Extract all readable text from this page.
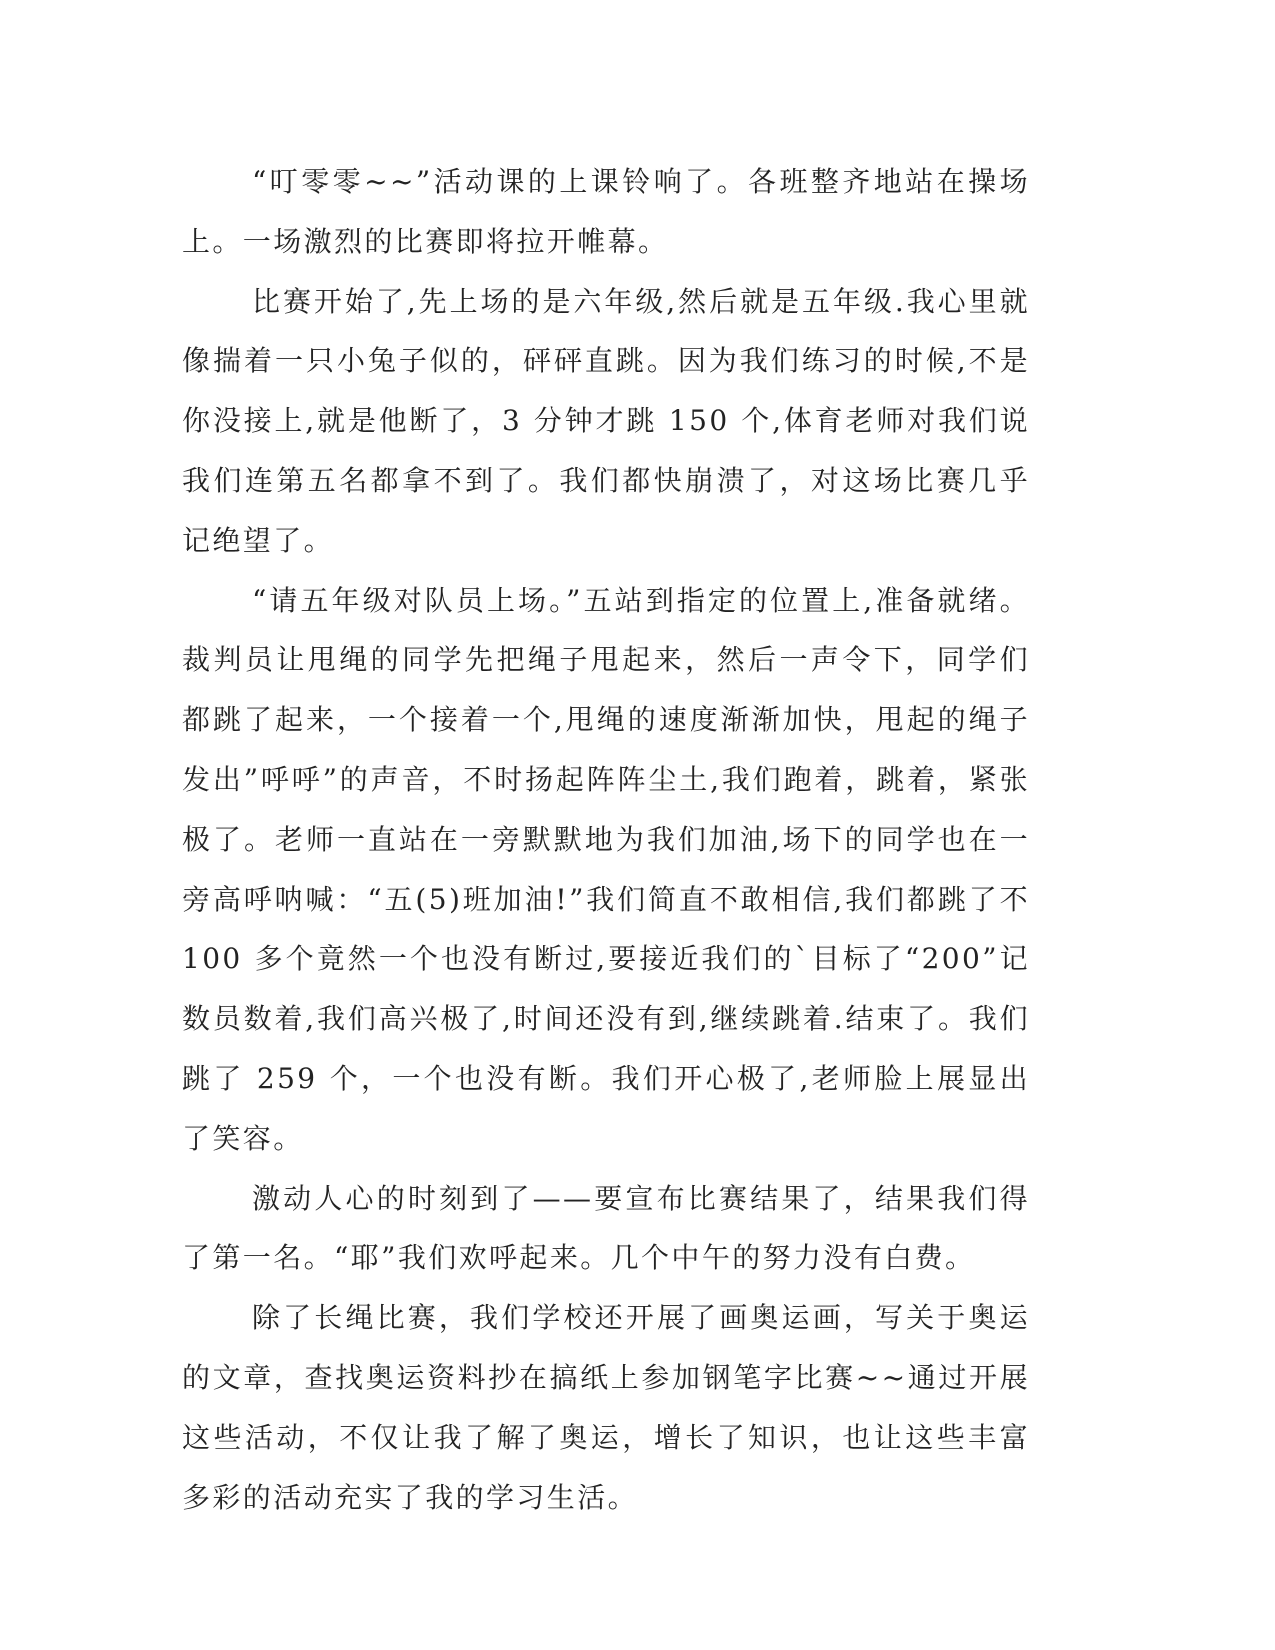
“叮零零~~”活动课的上课铃响了。各班整齐地站在操场上。一场激烈的比赛即将拉开帷幕。

比赛开始了,先上场的是六年级,然后就是五年级.我心里就像揣着一只小兔子似的，砰砰直跳。因为我们练习的时候,不是你没接上,就是他断了，3 分钟才跳 150 个,体育老师对我们说我们连第五名都拿不到了。我们都快崩溃了，对这场比赛几乎记绝望了。

“请五年级对队员上场。”五站到指定的位置上,准备就绪。裁判员让甩绳的同学先把绳子甩起来，然后一声令下，同学们都跳了起来，一个接着一个,甩绳的速度渐渐加快，甩起的绳子发出”呼呼”的声音，不时扬起阵阵尘土,我们跑着，跳着，紧张极了。老师一直站在一旁默默地为我们加油,场下的同学也在一旁高呼呐喊：“五(5)班加油!”我们简直不敢相信,我们都跳了不 100 多个竟然一个也没有断过,要接近我们的`目标了“200”记数员数着,我们高兴极了,时间还没有到,继续跳着.结束了。我们跳了 259 个，一个也没有断。我们开心极了,老师脸上展显出了笑容。

激动人心的时刻到了——要宣布比赛结果了，结果我们得了第一名。“耶”我们欢呼起来。几个中午的努力没有白费。

除了长绳比赛，我们学校还开展了画奥运画，写关于奥运的文章，查找奥运资料抄在搞纸上参加钢笔字比赛~~通过开展这些活动，不仅让我了解了奥运，增长了知识，也让这些丰富多彩的活动充实了我的学习生活。
